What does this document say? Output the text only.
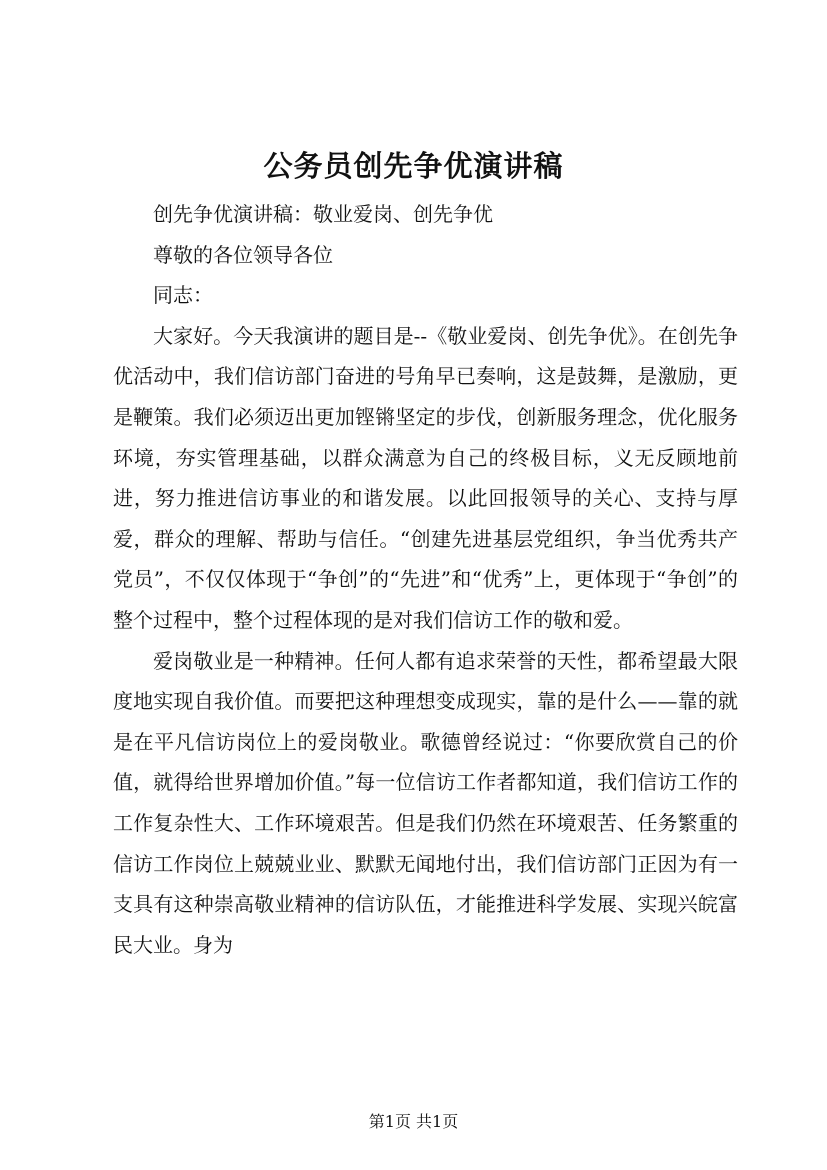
公务员创先争优演讲稿

创先争优演讲稿：敬业爱岗、创先争优

尊敬的各位领导各位

同志：

大家好。今天我演讲的题目是--《敬业爱岗、创先争优》。在创先争优活动中，我们信访部门奋进的号角早已奏响，这是鼓舞，是激励，更是鞭策。我们必须迈出更加铿锵坚定的步伐，创新服务理念，优化服务环境，夯实管理基础，以群众满意为自己的终极目标，义无反顾地前进，努力推进信访事业的和谐发展。以此回报领导的关心、支持与厚爱，群众的理解、帮助与信任。“创建先进基层党组织，争当优秀共产党员”，不仅仅体现于“争创”的“先进”和“优秀”上，更体现于“争创”的整个过程中，整个过程体现的是对我们信访工作的敬和爱。

爱岗敬业是一种精神。任何人都有追求荣誉的天性，都希望最大限度地实现自我价值。而要把这种理想变成现实，靠的是什么——靠的就是在平凡信访岗位上的爱岗敬业。歌德曾经说过：“你要欣赏自己的价值，就得给世界增加价值。”每一位信访工作者都知道，我们信访工作的工作复杂性大、工作环境艰苦。但是我们仍然在环境艰苦、任务繁重的信访工作岗位上兢兢业业、默默无闻地付出，我们信访部门正因为有一支具有这种崇高敬业精神的信访队伍，才能推进科学发展、实现兴皖富民大业。身为

第1页 共1页
